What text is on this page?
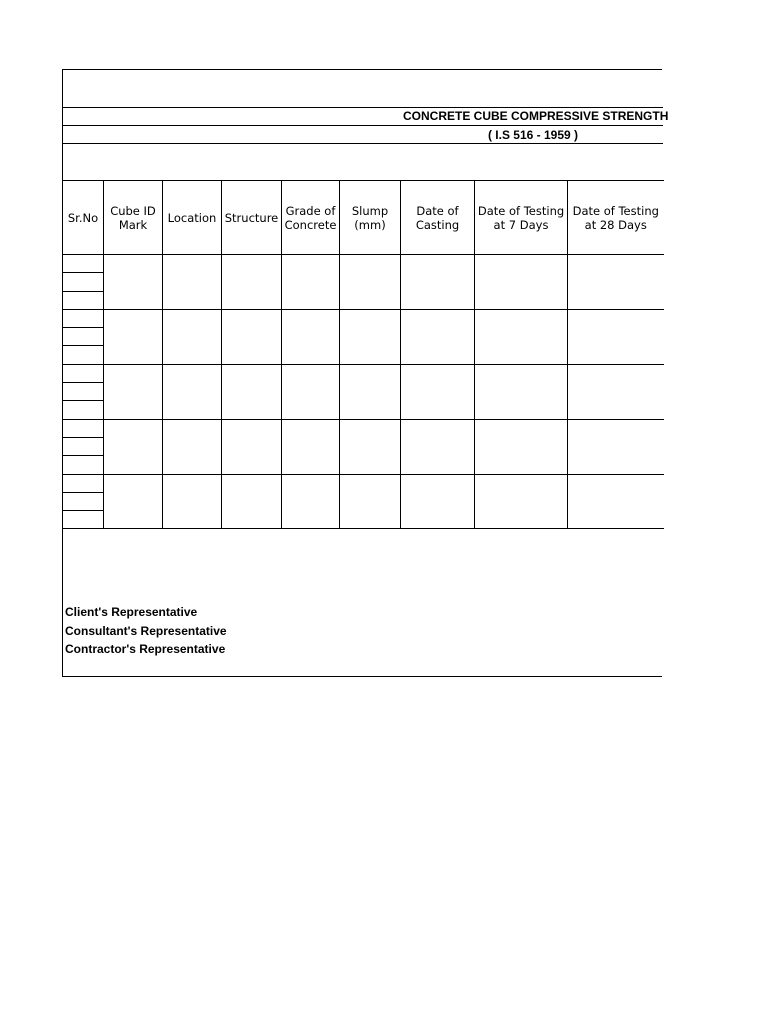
CONCRETE CUBE COMPRESSIVE STRENGTH
( I.S 516 - 1959 )
Sr.No	Cube ID Mark	Location	Structure	Grade of Concrete	Slump (mm)	Date of Casting	Date of Testing at 7 Days	Date of Testing at 28 Days

Client's Representative
Consultant's Representative
Contractor's Representative
